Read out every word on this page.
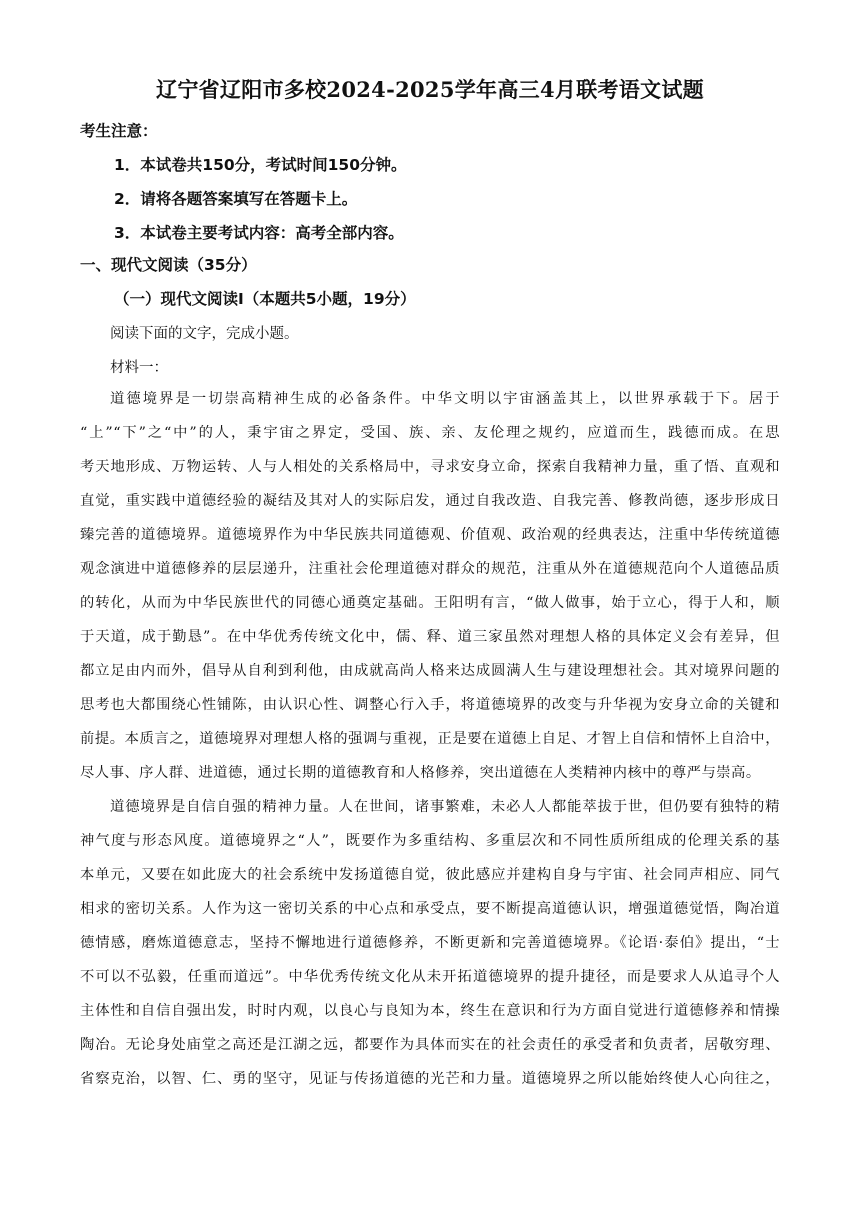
辽宁省辽阳市多校2024-2025学年高三4月联考语文试题
考生注意：
1．本试卷共150分，考试时间150分钟。
2．请将各题答案填写在答题卡上。
3．本试卷主要考试内容：高考全部内容。
一、现代文阅读（35分）
（一）现代文阅读Ⅰ（本题共5小题，19分）
阅读下面的文字，完成小题。
材料一：
道德境界是一切崇高精神生成的必备条件。中华文明以宇宙涵盖其上，以世界承载于下。居于
“上”“下”之“中”的人，秉宇宙之界定，受国、族、亲、友伦理之规约，应道而生，践德而成。在思
考天地形成、万物运转、人与人相处的关系格局中，寻求安身立命，探索自我精神力量，重了悟、直观和
直觉，重实践中道德经验的凝结及其对人的实际启发，通过自我改造、自我完善、修教尚德，逐步形成日
臻完善的道德境界。道德境界作为中华民族共同道德观、价值观、政治观的经典表达，注重中华传统道德
观念演进中道德修养的层层递升，注重社会伦理道德对群众的规范，注重从外在道德规范向个人道德品质
的转化，从而为中华民族世代的同德心通奠定基础。王阳明有言，“做人做事，始于立心，得于人和，顺
于天道，成于勤恳”。在中华优秀传统文化中，儒、释、道三家虽然对理想人格的具体定义会有差异，但
都立足由内而外，倡导从自利到利他，由成就高尚人格来达成圆满人生与建设理想社会。其对境界问题的
思考也大都围绕心性铺陈，由认识心性、调整心行入手，将道德境界的改变与升华视为安身立命的关键和
前提。本质言之，道德境界对理想人格的强调与重视，正是要在道德上自足、才智上自信和情怀上自洽中，
尽人事、序人群、进道德，通过长期的道德教育和人格修养，突出道德在人类精神内核中的尊严与崇高。
道德境界是自信自强的精神力量。人在世间，诸事繁难，未必人人都能萃拔于世，但仍要有独特的精
神气度与形态风度。道德境界之“人”，既要作为多重结构、多重层次和不同性质所组成的伦理关系的基
本单元，又要在如此庞大的社会系统中发扬道德自觉，彼此感应并建构自身与宇宙、社会同声相应、同气
相求的密切关系。人作为这一密切关系的中心点和承受点，要不断提高道德认识，增强道德觉悟，陶冶道
德情感，磨炼道德意志，坚持不懈地进行道德修养，不断更新和完善道德境界。《论语·泰伯》提出，“士
不可以不弘毅，任重而道远”。中华优秀传统文化从未开拓道德境界的提升捷径，而是要求人从追寻个人
主体性和自信自强出发，时时内观，以良心与良知为本，终生在意识和行为方面自觉进行道德修养和情操
陶冶。无论身处庙堂之高还是江湖之远，都要作为具体而实在的社会责任的承受者和负责者，居敬穷理、
省察克治，以智、仁、勇的坚守，见证与传扬道德的光芒和力量。道德境界之所以能始终使人心向往之，
